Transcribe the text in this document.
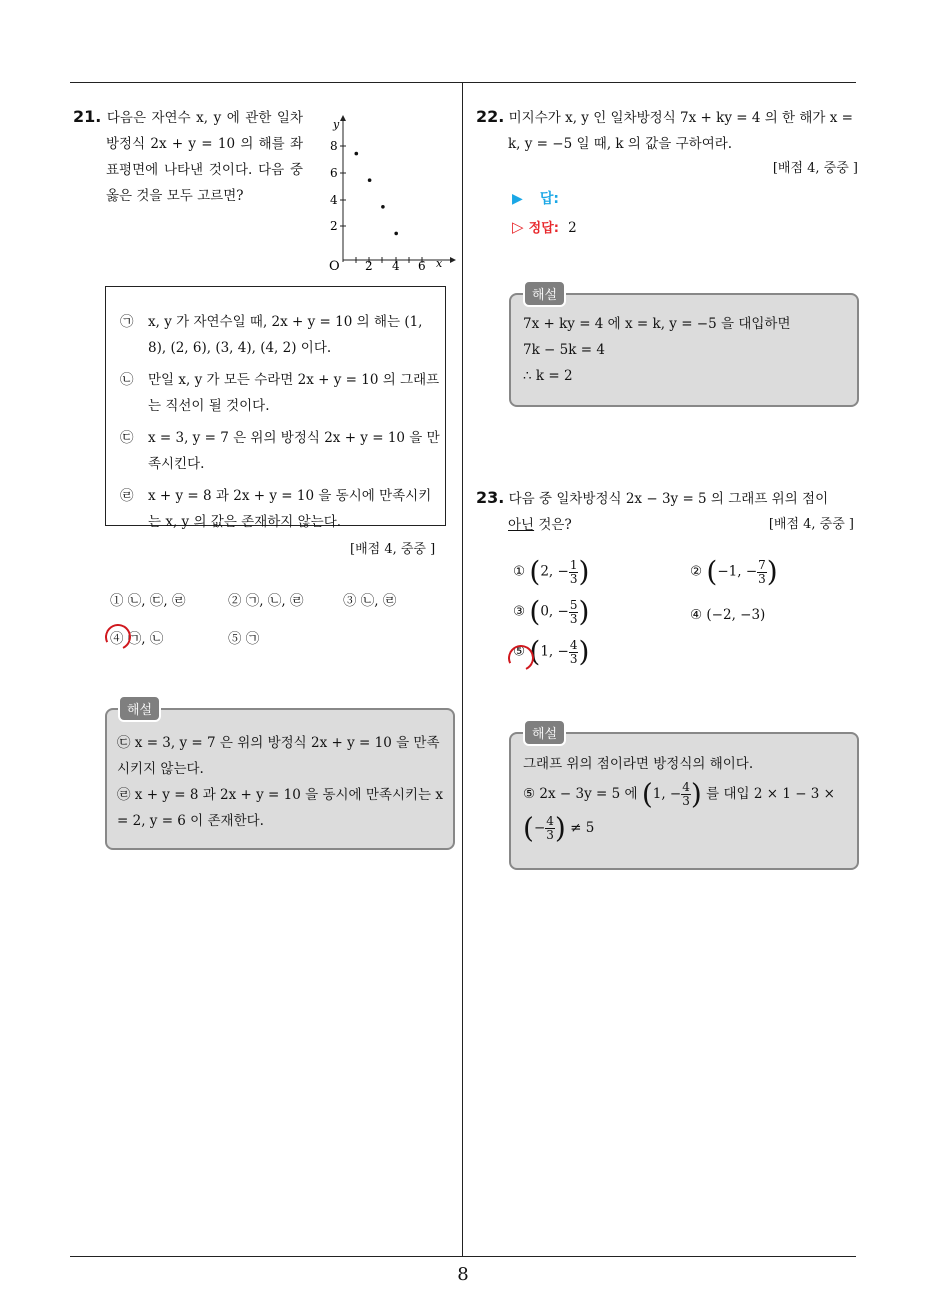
21. 다음은 자연수 x, y 에 관한 일차방정식 2x + y = 10 의 해를 좌표평면에 나타낸 것이다. 다음 중 옳은 것을 모두 고르면?
y
x
O
8
6
4
2
2 4 6
㉠	x, y 가 자연수일 때, 2x + y = 10 의 해는 (1, 8), (2, 6), (3, 4), (4, 2) 이다.
㉡	만일 x, y 가 모든 수라면 2x + y = 10 의 그래프는 직선이 될 것이다.
㉢	x = 3, y = 7 은 위의 방정식 2x + y = 10 을 만족시킨다.
㉣	x + y = 8 과 2x + y = 10 을 동시에 만족시키는 x, y 의 값은 존재하지 않는다.
[배점 4, 중중 ]
① ㉡, ㉢, ㉣	② ㉠, ㉡, ㉣	③ ㉡, ㉣
④ ㉠, ㉡	⑤ ㉠
㉢ x = 3, y = 7 은 위의 방정식 2x + y = 10 을 만족시키지 않는다.
㉣ x + y = 8 과 2x + y = 10 을 동시에 만족시키는 x = 2, y = 6 이 존재한다.
해설
22. 미지수가 x, y 인 일차방정식 7x + ky = 4 의 한 해가 x = k, y = −5 일 때, k 의 값을 구하여라.
[배점 4, 중중 ]
▶ 답:
▷ 정답: 2
7x + ky = 4 에 x = k, y = −5 을 대입하면
7k − 5k = 4
∴ k = 2
해설
23. 다음 중 일차방정식 2x − 3y = 5 의 그래프 위의 점이
아닌 것은?	[배점 4, 중중 ]
① (2, − $\frac{1}{3}$ )	② (−1, − $\frac{7}{3}$ )
③ (0, − $\frac{5}{3}$ )	④ (−2, −3)
⑤ (1, − $\frac{4}{3}$ )
그래프 위의 점이라면 방정식의 해이다.
⑤ 2x − 3y = 5 에 (1, − $\frac{4}{3}$ ) 를 대입 2 × 1 − 3 ×
(− $\frac{4}{3}$ ) ≠ 5
해설
8
